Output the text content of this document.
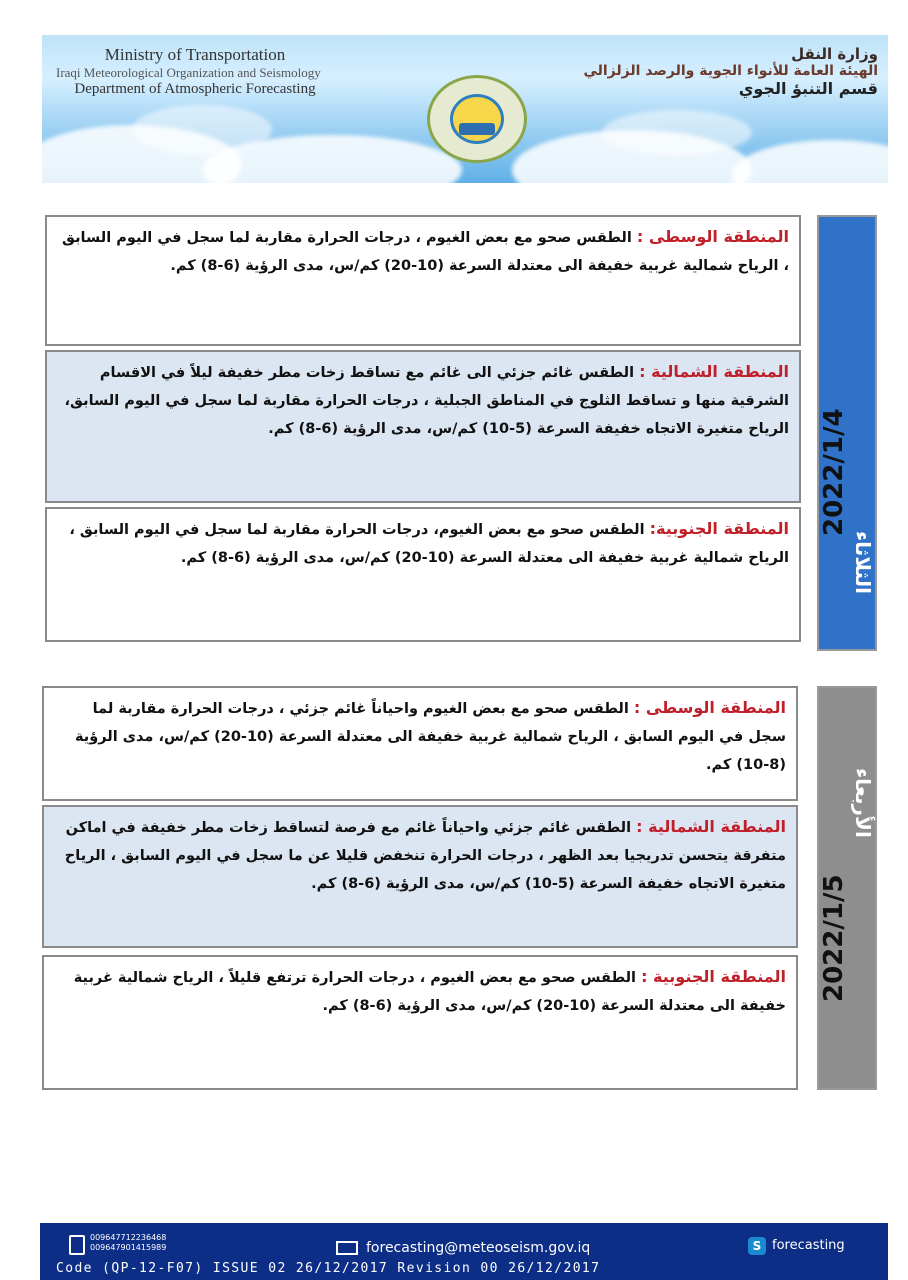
Ministry of Transportation
Iraqi Meteorological Organization and Seismology
Department of Atmospheric Forecasting
وزارة النقل
الهيئة العامة للأنواء الجوية والرصد الزلزالي
قسم التنبؤ الجوي
المنطقة الوسطى : الطقس صحو مع بعض الغيوم ، درجات الحرارة مقاربة لما سجل في اليوم السابق ، الرياح شمالية غربية خفيفة الى معتدلة السرعة (10-20) كم/س، مدى الرؤية (6-8) كم.
المنطقة الشمالية : الطقس غائم جزئي الى غائم مع تساقط زخات مطر خفيفة ليلاً في الاقسام الشرقية منها و تساقط الثلوج في المناطق الجبلية ، درجات الحرارة مقاربة لما سجل في اليوم السابق، الرياح متغيرة الاتجاه خفيفة السرعة (5-10) كم/س، مدى الرؤية (6-8) كم.
المنطقة الجنوبية: الطقس صحو مع بعض الغيوم، درجات الحرارة مقاربة لما سجل في اليوم السابق ، الرياح شمالية غربية خفيفة الى معتدلة السرعة (10-20) كم/س، مدى الرؤية (6-8) كم.	الثلاثاء
2022/1/4
المنطقة الوسطى : الطقس صحو مع بعض الغيوم واحياناً غائم جزئي ، درجات الحرارة مقاربة لما سجل في اليوم السابق ، الرياح شمالية غربية خفيفة الى معتدلة السرعة (10-20) كم/س، مدى الرؤية (8-10) كم.
المنطقة الشمالية : الطقس غائم جزئي واحياناً غائم مع فرصة لتساقط زخات مطر خفيفة في اماكن متفرقة يتحسن تدريجيا بعد الظهر ، درجات الحرارة تنخفض قليلا عن ما سجل في اليوم السابق ، الرياح متغيرة الاتجاه خفيفة السرعة (5-10) كم/س، مدى الرؤية (6-8) كم.
المنطقة الجنوبية : الطقس صحو مع بعض الغيوم ، درجات الحرارة ترتفع قليلاً ، الرياح شمالية غربية خفيفة الى معتدلة السرعة (10-20) كم/س، مدى الرؤية (6-8) كم.
الأربعاء
2022/1/5
009647712236468
009647901415989	forecasting@meteoseism.gov.iq	S forecasting
Code (QP-12-F07) ISSUE 02 26/12/2017 Revision 00 26/12/2017
